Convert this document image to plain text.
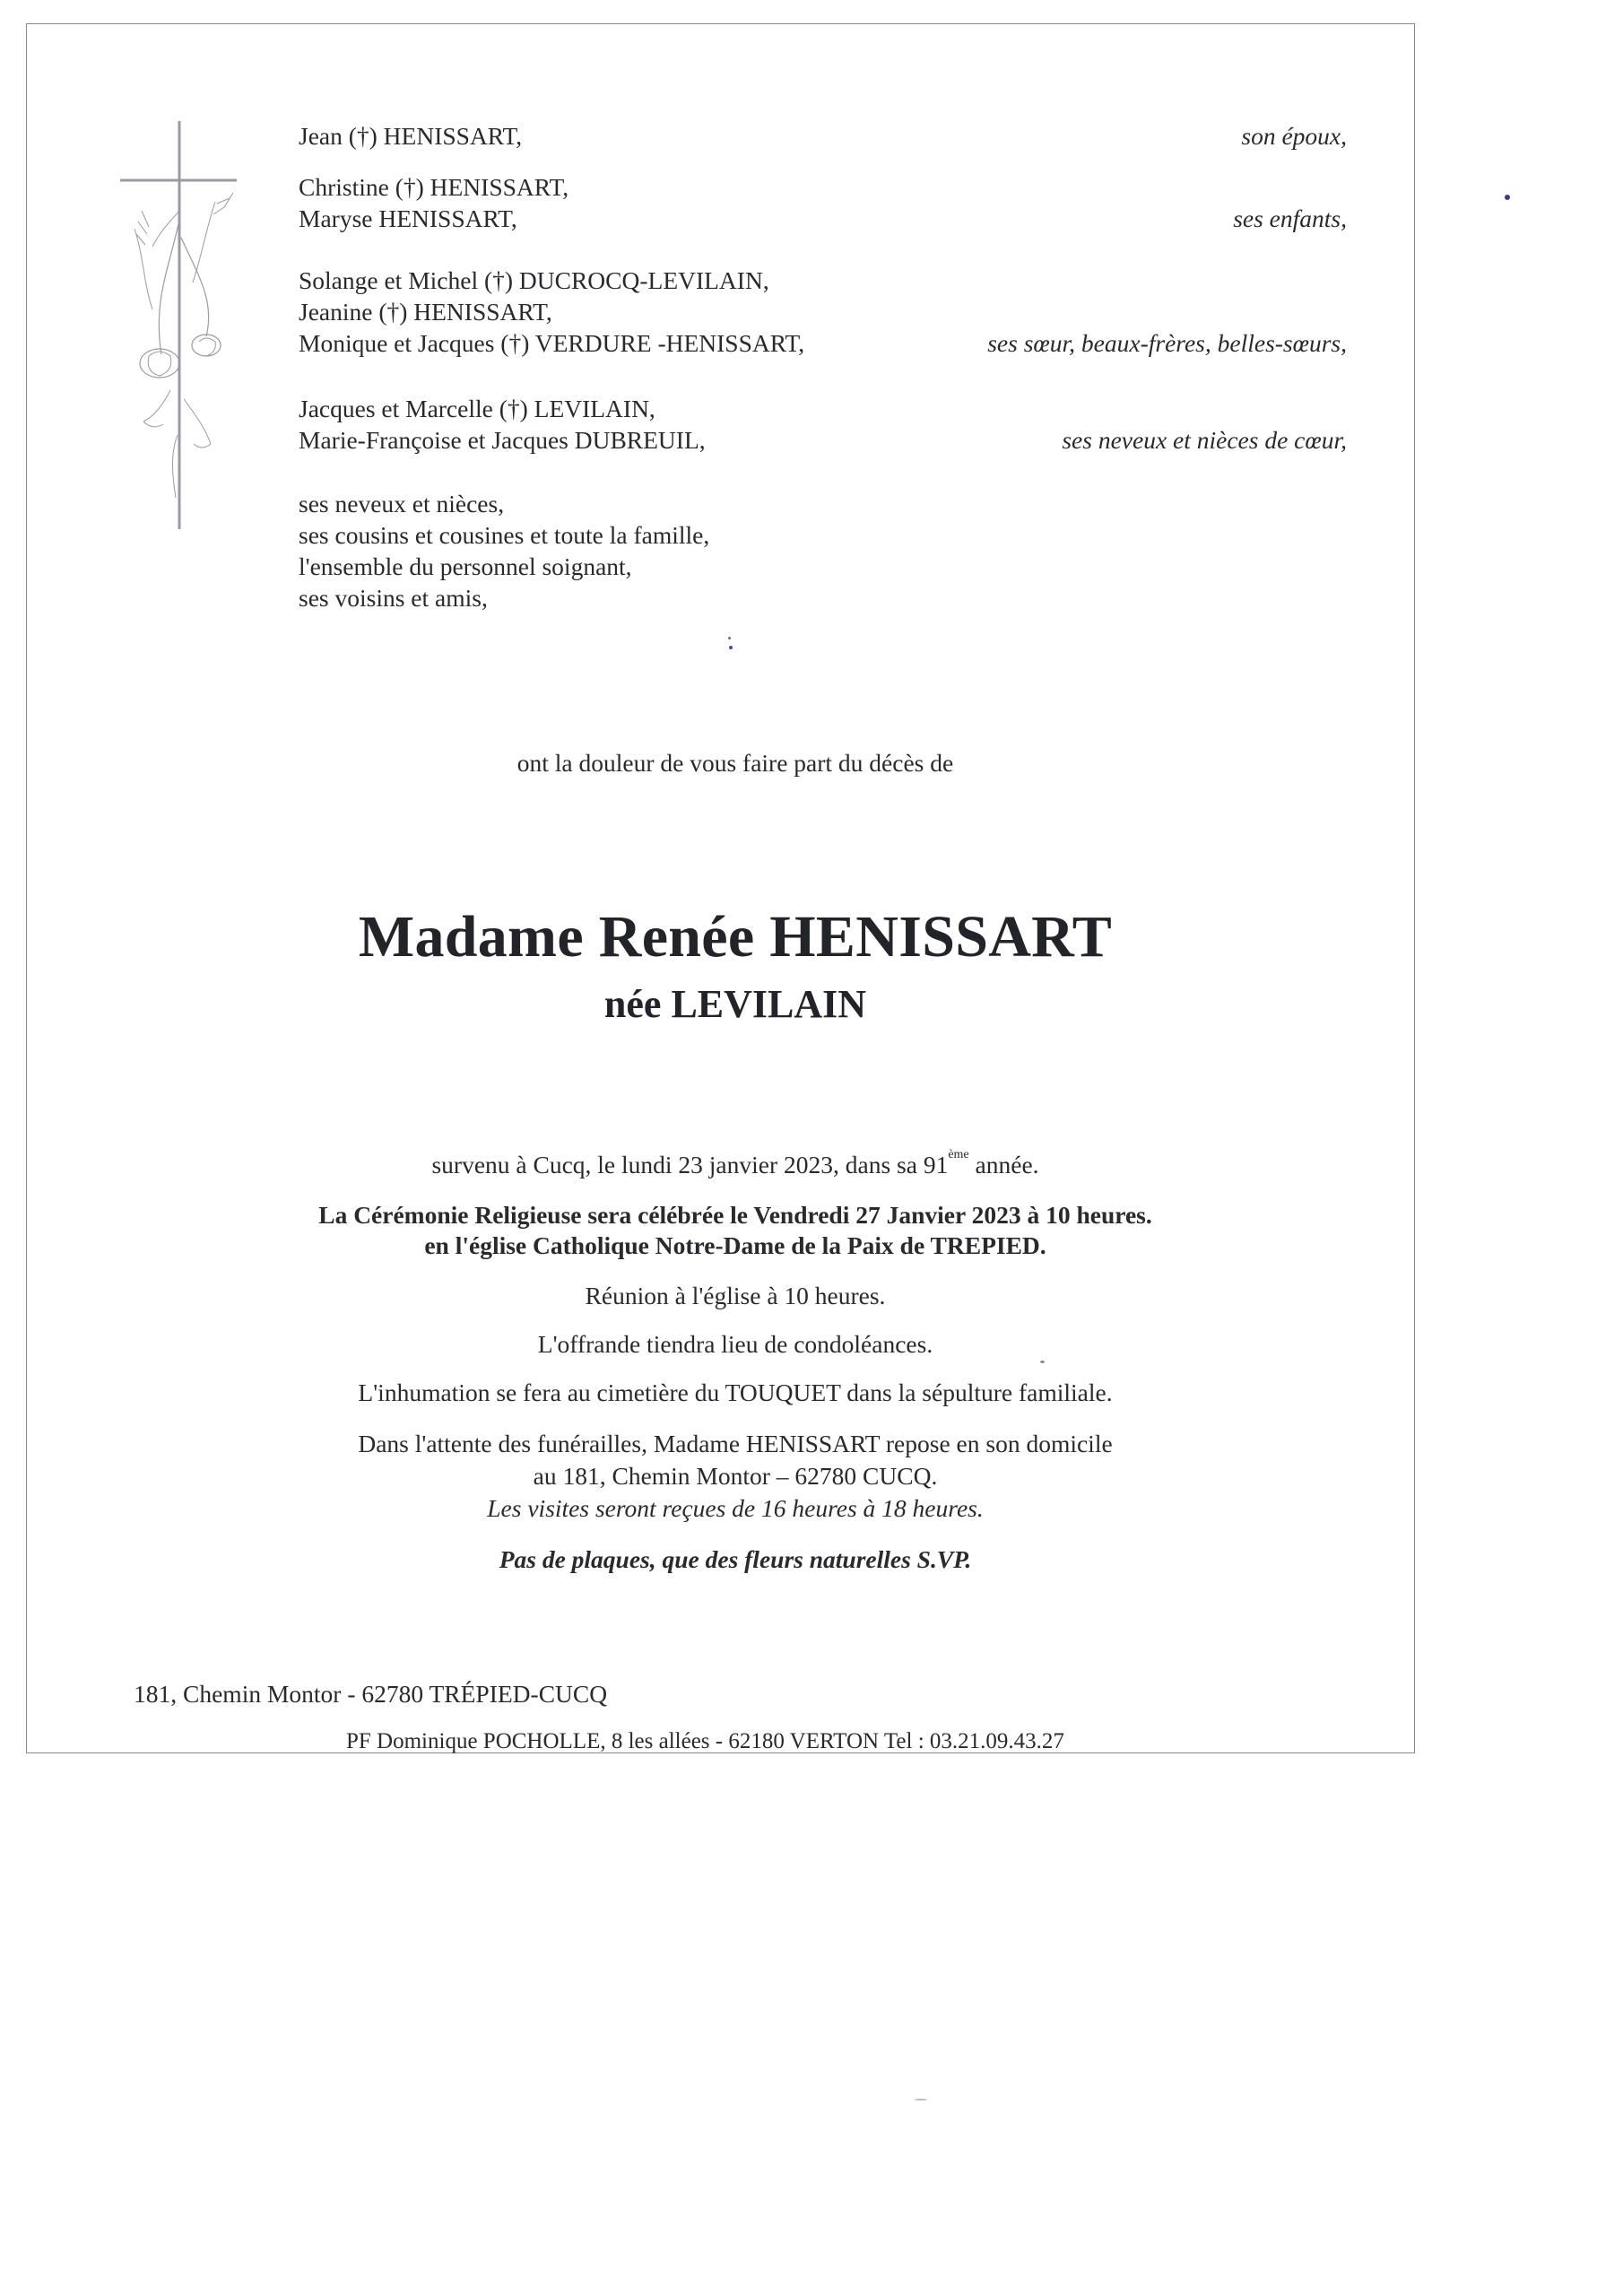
Jean (†) HENISSART,	son époux,
Christine (†) HENISSART,
Maryse HENISSART,	ses enfants,
Solange et Michel (†) DUCROCQ-LEVILAIN,
Jeanine (†) HENISSART,
Monique et Jacques (†) VERDURE -HENISSART,	ses sœur, beaux-frères, belles-sœurs,
Jacques et Marcelle (†) LEVILAIN,
Marie-Françoise et Jacques DUBREUIL,	ses neveux et nièces de cœur,
ses neveux et nièces,
ses cousins et cousines et toute la famille,
l'ensemble du personnel soignant,
ses voisins et amis,
ont la douleur de vous faire part du décès de
Madame Renée HENISSART
née LEVILAIN
survenu à Cucq, le lundi 23 janvier 2023, dans sa 91ème année.
La Cérémonie Religieuse sera célébrée le Vendredi 27 Janvier 2023 à 10 heures.
en l'église Catholique Notre-Dame de la Paix de TREPIED.
Réunion à l'église à 10 heures.
L'offrande tiendra lieu de condoléances.
L'inhumation se fera au cimetière du TOUQUET dans la sépulture familiale.
Dans l'attente des funérailles, Madame HENISSART repose en son domicile
au 181, Chemin Montor – 62780 CUCQ.
Les visites seront reçues de 16 heures à 18 heures.
Pas de plaques, que des fleurs naturelles S.VP.
181, Chemin Montor - 62780 TRÉPIED-CUCQ
PF Dominique POCHOLLE, 8 les allées - 62180 VERTON Tel : 03.21.09.43.27
